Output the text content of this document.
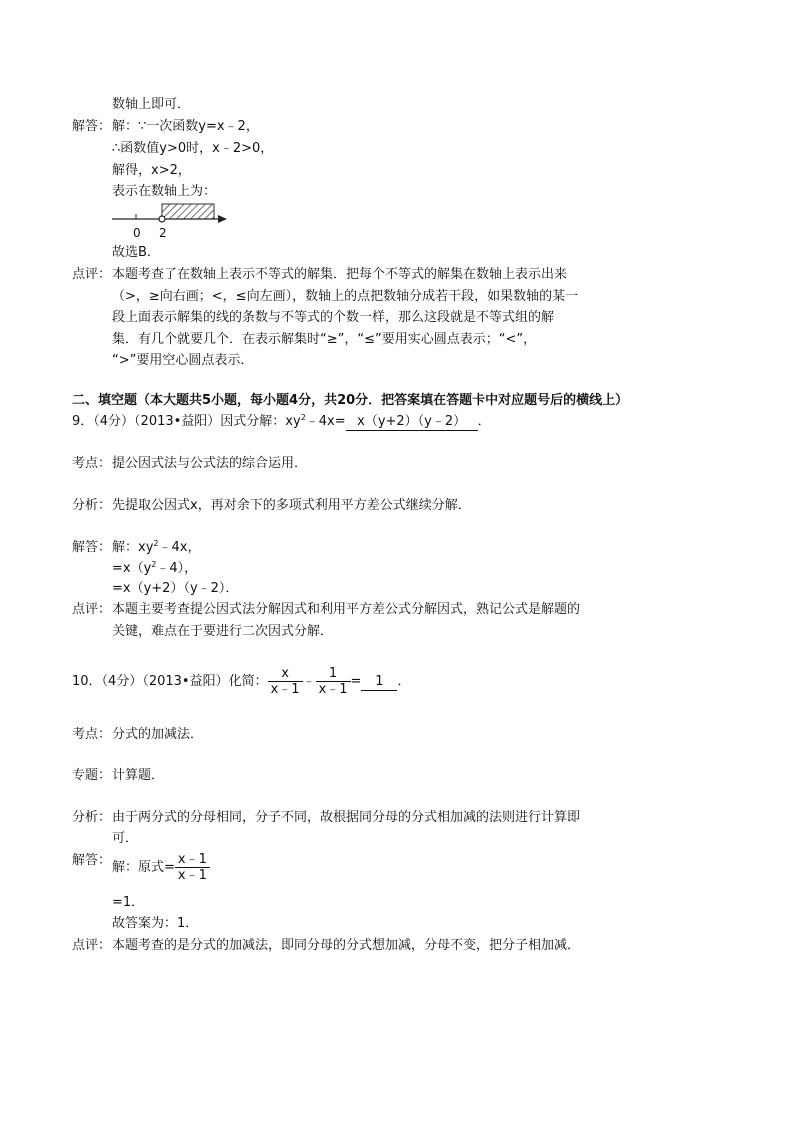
数轴上即可．
解答： 解：∵一次函数y=x﹣2，
∴函数值y>0时，x﹣2>0，
解得，x>2，
表示在数轴上为：
0 2
故选B．
点评： 本题考查了在数轴上表示不等式的解集．把每个不等式的解集在数轴上表示出来
（>，≥向右画；<，≤向左画），数轴上的点把数轴分成若干段，如果数轴的某一
段上面表示解集的线的条数与不等式的个数一样，那么这段就是不等式组的解
集．有几个就要几个．在表示解集时“≥”，“≤”要用实心圆点表示；“<”，
“>”要用空心圆点表示．
二、填空题（本大题共5小题，每小题4分，共20分．把答案填在答题卡中对应题号后的横线上）
9．（4分）（2013•益阳）因式分解：$xy^2﹣4x=$ x（y+2）（y﹣2） ．
考点： 提公因式法与公式法的综合运用．
分析： 先提取公因式x，再对余下的多项式利用平方差公式继续分解．
解答： 解：$xy^2﹣4x$，
$=x(y^2﹣4)$，
=x（y+2）（y﹣2）．
点评： 本题主要考查提公因式法分解因式和利用平方差公式分解因式，熟记公式是解题的
关键，难点在于要进行二次因式分解．
10．（4分）（2013•益阳）化简： $\frac{x}{x﹣1}$ ﹣ $\frac{1}{x﹣1} = 1$ ．
考点： 分式的加减法．
专题： 计算题．
分析： 由于两分式的分母相同，分子不同，故根据同分母的分式相加减的法则进行计算即
可．
解答： 解：原式= $\frac{x﹣1}{x﹣1}$
=1．
故答案为：1．
点评： 本题考查的是分式的加减法，即同分母的分式想加减，分母不变，把分子相加减．
